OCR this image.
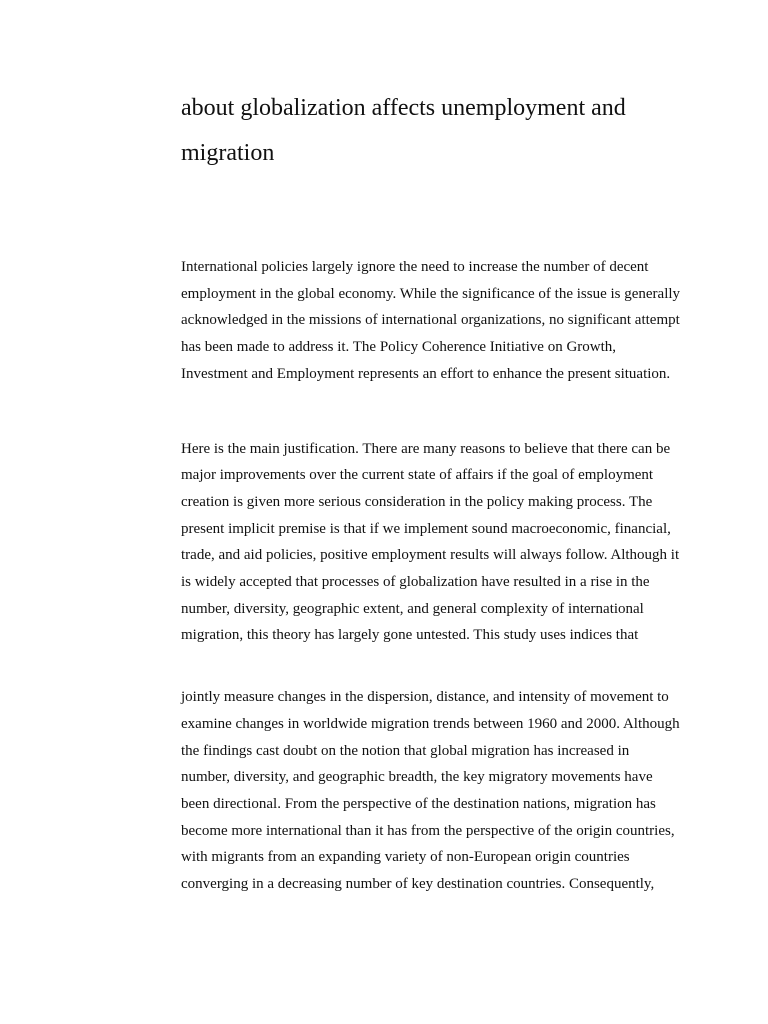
about globalization affects unemployment and migration

International policies largely ignore the need to increase the number of decent employment in the global economy. While the significance of the issue is generally acknowledged in the missions of international organizations, no significant attempt has been made to address it. The Policy Coherence Initiative on Growth, Investment and Employment represents an effort to enhance the present situation.

Here is the main justification. There are many reasons to believe that there can be major improvements over the current state of affairs if the goal of employment creation is given more serious consideration in the policy making process. The present implicit premise is that if we implement sound macroeconomic, financial, trade, and aid policies, positive employment results will always follow. Although it is widely accepted that processes of globalization have resulted in a rise in the number, diversity, geographic extent, and general complexity of international migration, this theory has largely gone untested. This study uses indices that

jointly measure changes in the dispersion, distance, and intensity of movement to examine changes in worldwide migration trends between 1960 and 2000. Although the findings cast doubt on the notion that global migration has increased in number, diversity, and geographic breadth, the key migratory movements have been directional. From the perspective of the destination nations, migration has become more international than it has from the perspective of the origin countries, with migrants from an expanding variety of non-European origin countries converging in a decreasing number of key destination countries. Consequently,
